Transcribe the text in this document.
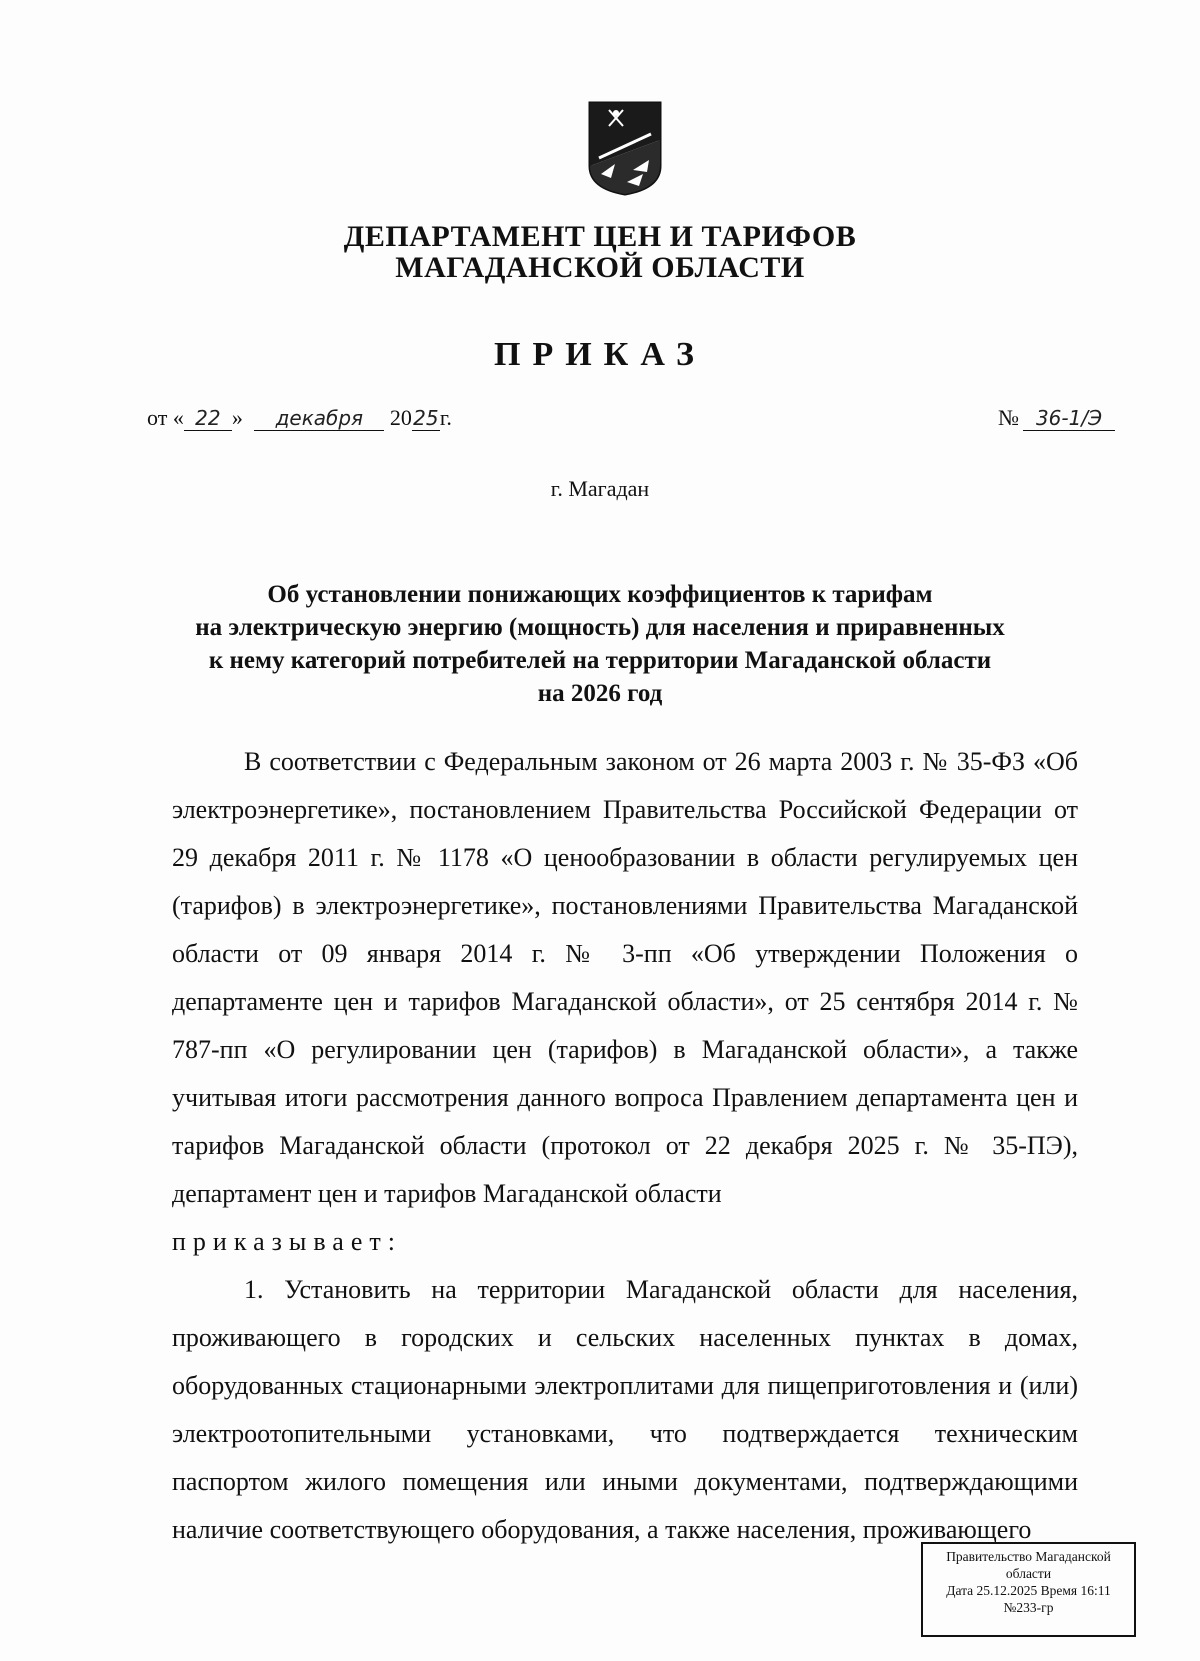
ДЕПАРТАМЕНТ ЦЕН И ТАРИФОВ
МАГАДАНСКОЙ ОБЛАСТИ
ПРИКАЗ
от « 22 » декабря 2025г.	№ 36-1/Э
г. Магадан
Об установлении понижающих коэффициентов к тарифам
на электрическую энергию (мощность) для населения и приравненных
к нему категорий потребителей на территории Магаданской области
на 2026 год

В соответствии с Федеральным законом от 26 марта 2003 г. № 35-ФЗ «Об электроэнергетике», постановлением Правительства Российской Федерации от 29 декабря 2011 г. № 1178 «О ценообразовании в области регулируемых цен (тарифов) в электроэнергетике», постановлениями Правительства Магаданской области от 09 января 2014 г. № 3-пп «Об утверждении Положения о департаменте цен и тарифов Магаданской области», от 25 сентября 2014 г. № 787-пп «О регулировании цен (тарифов) в Магаданской области», а также учитывая итоги рассмотрения данного вопроса Правлением департамента цен и тарифов Магаданской области (протокол от 22 декабря 2025 г. № 35-ПЭ), департамент цен и тарифов Магаданской области

приказывает:

1. Установить на территории Магаданской области для населения, проживающего в городских и сельских населенных пунктах в домах, оборудованных стационарными электроплитами для пищеприготовления и (или) электроотопительными установками, что подтверждается техническим паспортом жилого помещения или иными документами, подтверждающими наличие соответствующего оборудования, а также населения, проживающего

Правительство Магаданской
области
Дата 25.12.2025 Время 16:11
№233-гр
